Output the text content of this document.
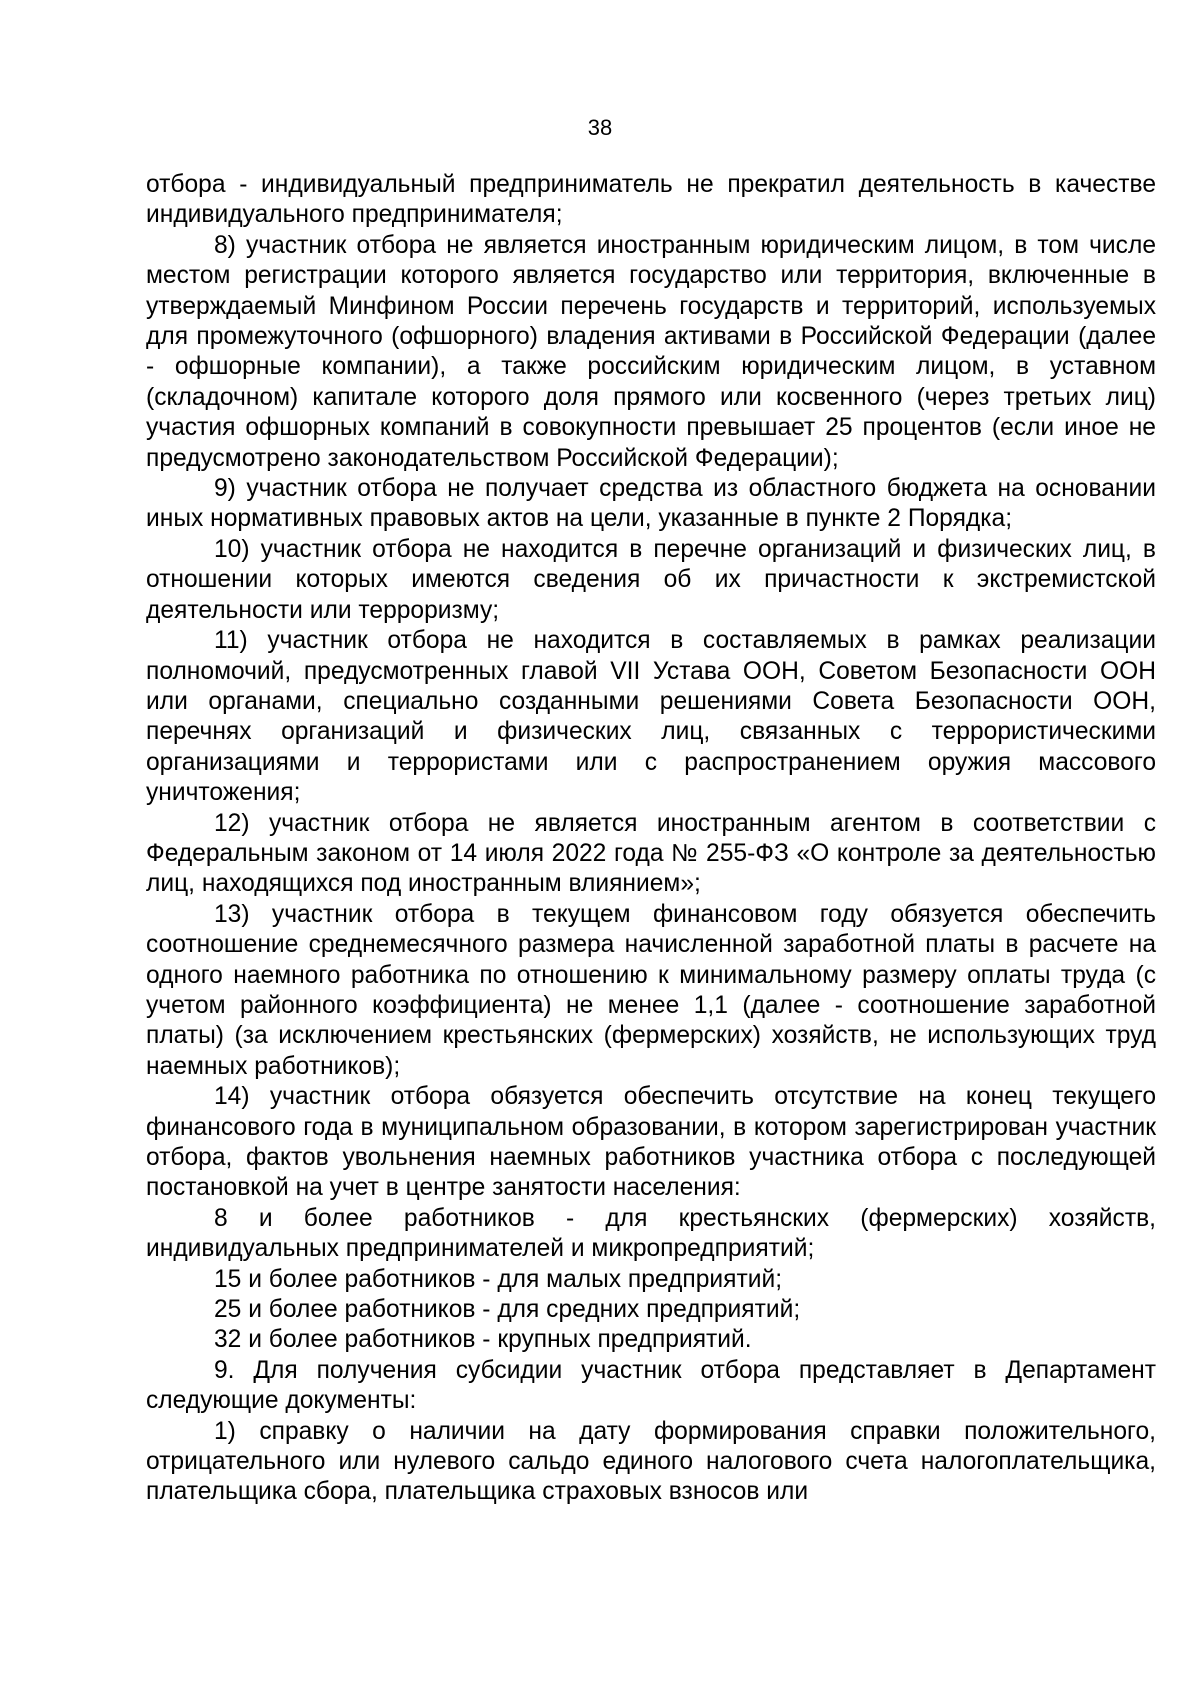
38

отбора - индивидуальный предприниматель не прекратил деятельность в качестве индивидуального предпринимателя;

8) участник отбора не является иностранным юридическим лицом, в том числе местом регистрации которого является государство или территория, включенные в утверждаемый Минфином России перечень государств и территорий, используемых для промежуточного (офшорного) владения активами в Российской Федерации (далее - офшорные компании), а также российским юридическим лицом, в уставном (складочном) капитале которого доля прямого или косвенного (через третьих лиц) участия офшорных компаний в совокупности превышает 25 процентов (если иное не предусмотрено законодательством Российской Федерации);

9) участник отбора не получает средства из областного бюджета на основании иных нормативных правовых актов на цели, указанные в пункте 2 Порядка;

10) участник отбора не находится в перечне организаций и физических лиц, в отношении которых имеются сведения об их причастности к экстремистской деятельности или терроризму;

11) участник отбора не находится в составляемых в рамках реализации полномочий, предусмотренных главой VII Устава ООН, Советом Безопасности ООН или органами, специально созданными решениями Совета Безопасности ООН, перечнях организаций и физических лиц, связанных с террористическими организациями и террористами или с распространением оружия массового уничтожения;

12) участник отбора не является иностранным агентом в соответствии с Федеральным законом от 14 июля 2022 года № 255-ФЗ «О контроле за деятельностью лиц, находящихся под иностранным влиянием»;

13) участник отбора в текущем финансовом году обязуется обеспечить соотношение среднемесячного размера начисленной заработной платы в расчете на одного наемного работника по отношению к минимальному размеру оплаты труда (с учетом районного коэффициента) не менее 1,1 (далее - соотношение заработной платы) (за исключением крестьянских (фермерских) хозяйств, не использующих труд наемных работников);

14) участник отбора обязуется обеспечить отсутствие на конец текущего финансового года в муниципальном образовании, в котором зарегистрирован участник отбора, фактов увольнения наемных работников участника отбора с последующей постановкой на учет в центре занятости населения:

8 и более работников - для крестьянских (фермерских) хозяйств, индивидуальных предпринимателей и микропредприятий;

15 и более работников - для малых предприятий;

25 и более работников - для средних предприятий;

32 и более работников - крупных предприятий.

9. Для получения субсидии участник отбора представляет в Департамент следующие документы:

1) справку о наличии на дату формирования справки положительного, отрицательного или нулевого сальдо единого налогового счета налогоплательщика, плательщика сбора, плательщика страховых взносов или
